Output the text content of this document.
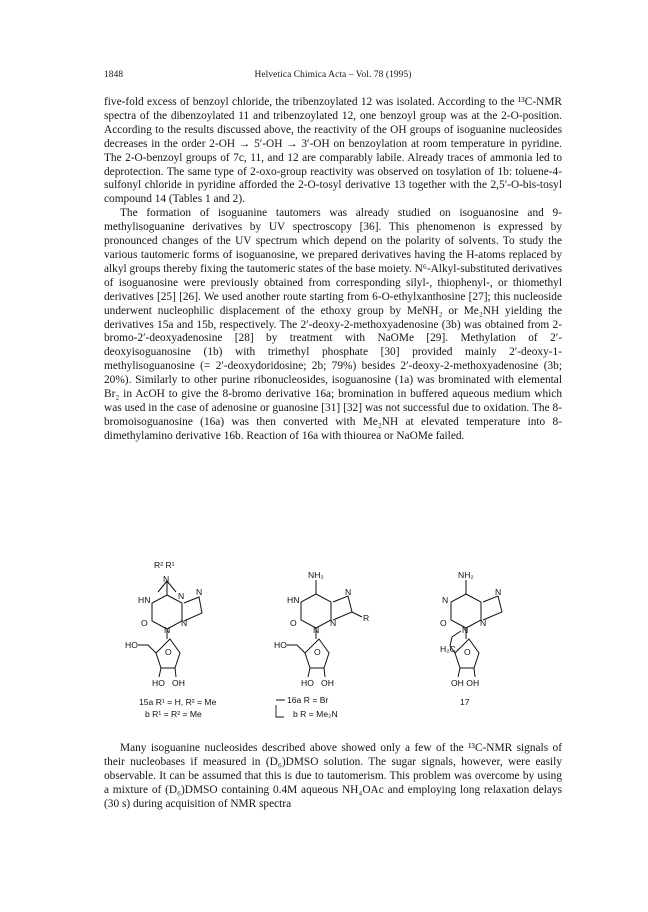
1848	Helvetica Chimica Acta – Vol. 78 (1995)

five-fold excess of benzoyl chloride, the tribenzoylated 12 was isolated. According to the ¹³C-NMR spectra of the dibenzoylated 11 and tribenzoylated 12, one benzoyl group was at the 2-O-position. According to the results discussed above, the reactivity of the OH groups of isoguanine nucleosides decreases in the order 2-OH → 5′-OH → 3′-OH on benzoylation at room temperature in pyridine. The 2-O-benzoyl groups of 7c, 11, and 12 are comparably labile. Already traces of ammonia led to deprotection. The same type of 2-oxo-group reactivity was observed on tosylation of 1b: toluene-4-sulfonyl chloride in pyridine afforded the 2-O-tosyl derivative 13 together with the 2,5′-O-bis-tosyl compound 14 (Tables 1 and 2).

The formation of isoguanine tautomers was already studied on isoguanosine and 9-methylisoguanine derivatives by UV spectroscopy [36]. This phenomenon is expressed by pronounced changes of the UV spectrum which depend on the polarity of solvents. To study the various tautomeric forms of isoguanosine, we prepared derivatives having the H-atoms replaced by alkyl groups thereby fixing the tautomeric states of the base moiety. N⁶-Alkyl-substituted derivatives of isoguanosine were previously obtained from corresponding silyl-, thiophenyl-, or thiomethyl derivatives [25] [26]. We used another route starting from 6-O-ethylxanthosine [27]; this nucleoside underwent nucleophilic displacement of the ethoxy group by MeNH₂ or Me₂NH yielding the derivatives 15a and 15b, respectively. The 2′-deoxy-2-methoxyadenosine (3b) was obtained from 2-bromo-2′-deoxyadenosine [28] by treatment with NaOMe [29]. Methylation of 2′-deoxyisoguanosine (1b) with trimethyl phosphate [30] provided mainly 2′-deoxy-1-methylisoguanosine (= 2′-deoxydoridosine; 2b; 79%) besides 2′-deoxy-2-methoxyadenosine (3b; 20%). Similarly to other purine ribonucleosides, isoguanosine (1a) was brominated with elemental Br₂ in AcOH to give the 8-bromo derivative 16a; bromination in buffered aqueous medium which was used in the case of adenosine or guanosine [31] [32] was not successful due to oxidation. The 8-bromoisoguanosine (16a) was then converted with Me₂NH at elevated temperature into 8-dimethylamino derivative 16b. Reaction of 16a with thiourea or NaOMe failed.

R² R¹
N
HN
O
N
N N
N
HO
O
HO   OH
15a R¹ = H, R² = Me
b R¹ = R² = Me
NH₂
HN
O
N
N
N	R
HO
O
HO   OH
16a R = Br
b R = Me₂N
NH₂
N
O
N
N
N
H₂C O
OH OH
17

Many isoguanine nucleosides described above showed only a few of the ¹³C-NMR signals of their nucleobases if measured in (D₆)DMSO solution. The sugar signals, however, were easily observable. It can be assumed that this is due to tautomerism. This problem was overcome by using a mixture of (D₆)DMSO containing 0.4M aqueous NH₄OAc and employing long relaxation delays (30 s) during acquisition of NMR spectra
